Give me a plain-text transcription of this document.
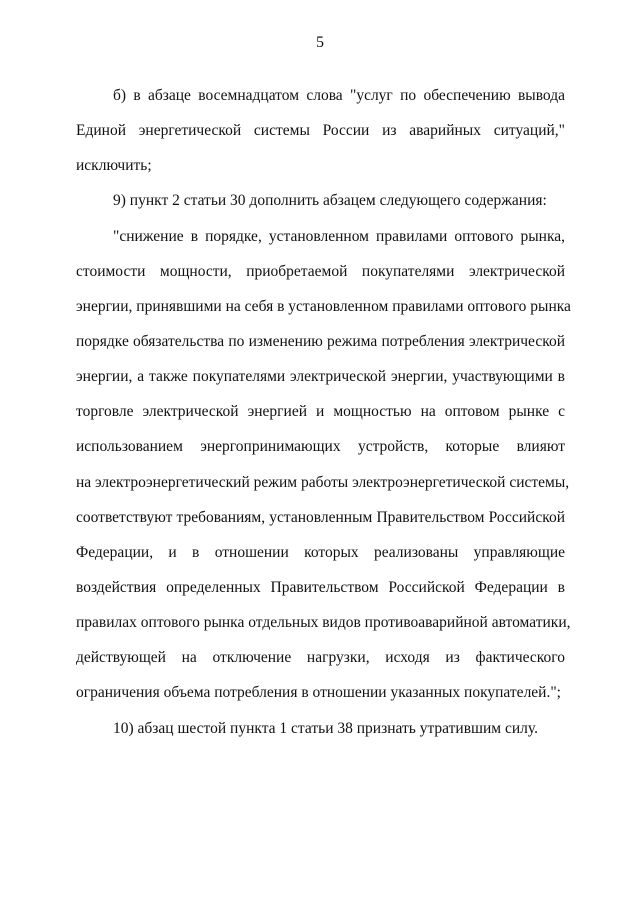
5
б) в абзаце восемнадцатом слова "услуг по обеспечению вывода
Единой энергетической системы России из аварийных ситуаций,"
исключить;
9) пункт 2 статьи 30 дополнить абзацем следующего содержания:
"снижение в порядке, установленном правилами оптового рынка,
стоимости мощности, приобретаемой покупателями электрической
энергии, принявшими на себя в установленном правилами оптового рынка
порядке обязательства по изменению режима потребления электрической
энергии, а также покупателями электрической энергии, участвующими в
торговле электрической энергией и мощностью на оптовом рынке с
использованием энергопринимающих устройств, которые влияют
на электроэнергетический режим работы электроэнергетической системы,
соответствуют требованиям, установленным Правительством Российской
Федерации, и в отношении которых реализованы управляющие
воздействия определенных Правительством Российской Федерации в
правилах оптового рынка отдельных видов противоаварийной автоматики,
действующей на отключение нагрузки, исходя из фактического
ограничения объема потребления в отношении указанных покупателей.";
10) абзац шестой пункта 1 статьи 38 признать утратившим силу.
